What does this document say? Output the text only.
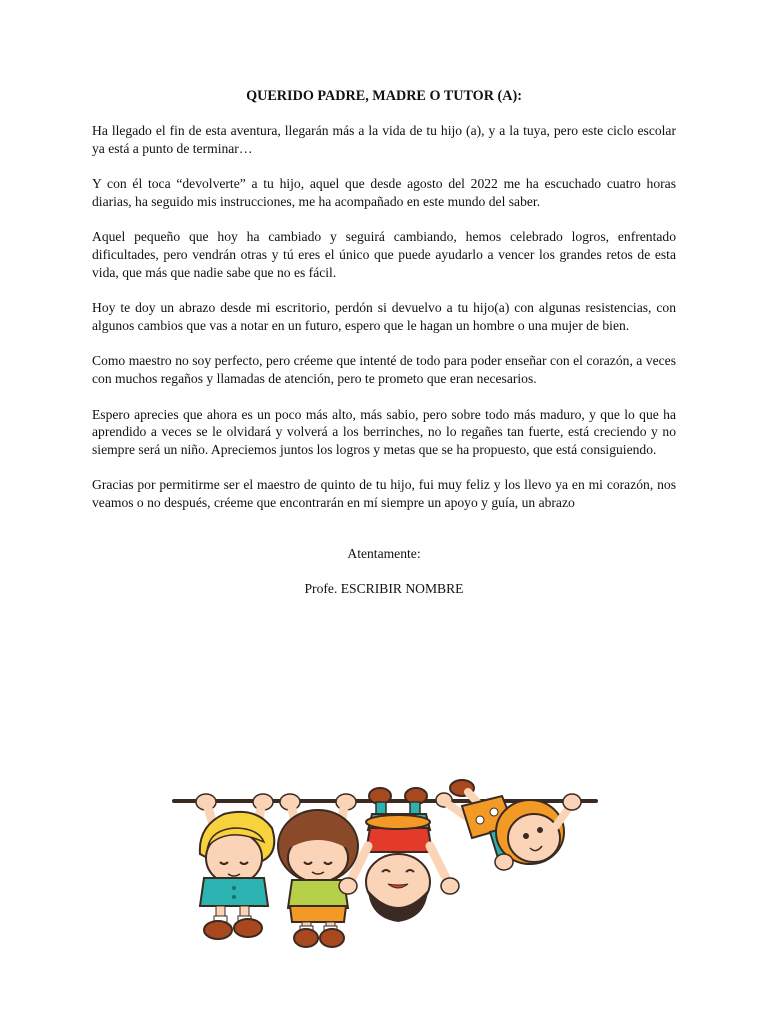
QUERIDO PADRE, MADRE O TUTOR (A):

Ha llegado el fin de esta aventura, llegarán más a la vida de tu hijo (a), y a la tuya, pero este ciclo escolar ya está a punto de terminar…

Y con él toca “devolverte” a tu hijo, aquel que desde agosto del 2022 me ha escuchado cuatro horas diarias, ha seguido mis instrucciones, me ha acompañado en este mundo del saber.

Aquel pequeño que hoy ha cambiado y seguirá cambiando, hemos celebrado logros, enfrentado dificultades, pero vendrán otras y tú eres el único que puede ayudarlo a vencer los grandes retos de esta vida, que más que nadie sabe que no es fácil.

Hoy te doy un abrazo desde mi escritorio, perdón si devuelvo a tu hijo(a) con algunas resistencias, con algunos cambios que vas a notar en un futuro, espero que le hagan un hombre o una mujer de bien.

Como maestro no soy perfecto, pero créeme que intenté de todo para poder enseñar con el corazón, a veces con muchos regaños y llamadas de atención, pero te prometo que eran necesarios.

Espero aprecies que ahora es un poco más alto, más sabio, pero sobre todo más maduro, y que lo que ha aprendido a veces se le olvidará y volverá a los berrinches, no lo regañes tan fuerte, está creciendo y no siempre será un niño. Apreciemos juntos los logros y metas que se ha propuesto, que está consiguiendo.

Gracias por permitirme ser el maestro de quinto de tu hijo, fui muy feliz y los llevo ya en mi corazón, nos veamos o no después, créeme que encontrarán en mí siempre un apoyo y guía, un abrazo

Atentamente:

Profe. ESCRIBIR NOMBRE
